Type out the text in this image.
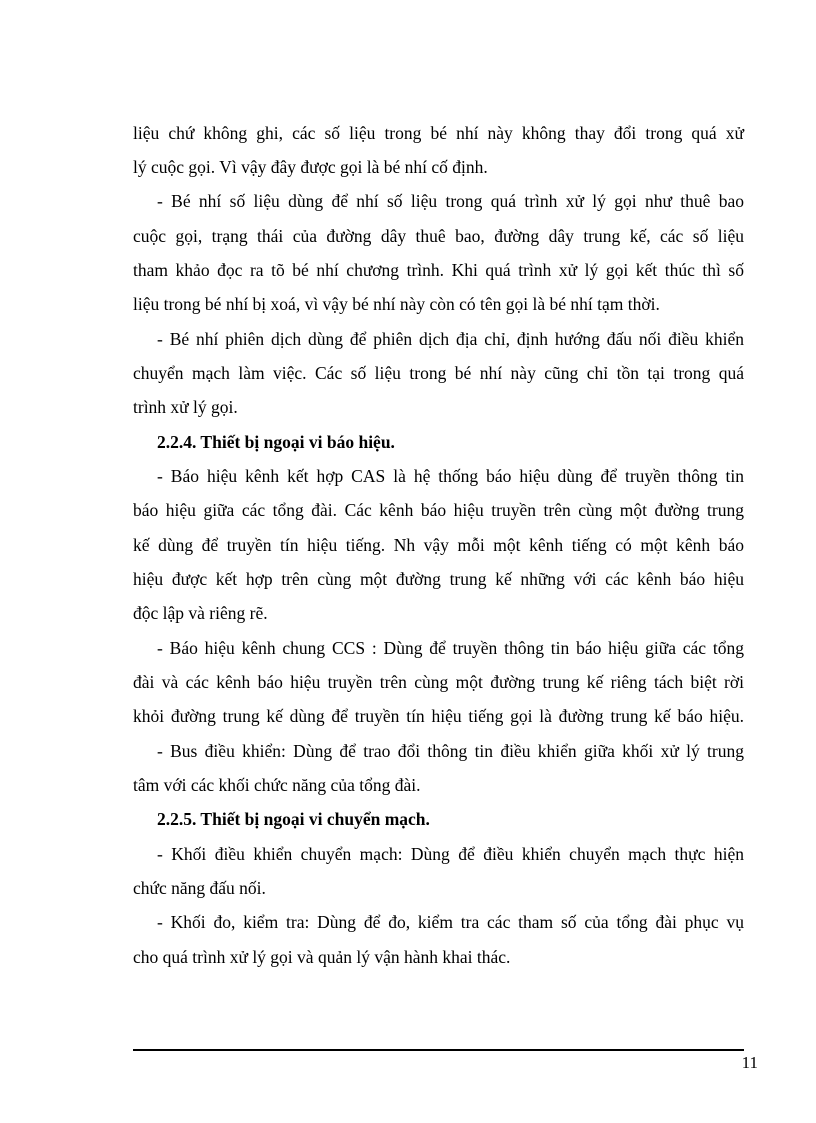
liệu chứ không ghi, các số liệu trong bé nhí này không thay đổi trong quá xử
lý cuộc gọi. Vì vậy đây được gọi là bé nhí cố định.
- Bé nhí số liệu dùng để nhí số liệu trong quá trình xử lý gọi như thuê bao
cuộc gọi, trạng thái của đường dây thuê bao, đường dây trung kế, các số liệu
tham khảo đọc ra tõ bé nhí chương trình. Khi quá trình xử lý gọi kết thúc thì số
liệu trong bé nhí bị xoá, vì vậy bé nhí này còn có tên gọi là bé nhí tạm thời.
- Bé nhí phiên dịch dùng để phiên dịch địa chỉ, định hướng đấu nối điều khiển
chuyển mạch làm việc. Các số liệu trong bé nhí này cũng chỉ tồn tại trong quá
trình xử lý gọi.
2.2.4. Thiết bị ngoại vi báo hiệu.
- Báo hiệu kênh kết hợp CAS là hệ thống báo hiệu dùng để truyền thông tin
báo hiệu giữa các tổng đài. Các kênh báo hiệu truyền trên cùng một đường trung
kế dùng để truyền tín hiệu tiếng. Nh vậy mỗi một kênh tiếng có một kênh báo
hiệu được kết hợp trên cùng một đường trung kế những với các kênh báo hiệu
độc lập và riêng rẽ.
- Báo hiệu kênh chung CCS : Dùng để truyền thông tin báo hiệu giữa các tổng
đài và các kênh báo hiệu truyền trên cùng một đường trung kế riêng tách biệt rời
khỏi đường trung kế dùng để truyền tín hiệu tiếng gọi là đường trung kế báo hiệu.
- Bus điều khiển: Dùng để trao đổi thông tin điều khiển giữa khối xử lý trung
tâm với các khối chức năng của tổng đài.
2.2.5. Thiết bị ngoại vi chuyển mạch.
- Khối điều khiển chuyển mạch: Dùng để điều khiển chuyển mạch thực hiện
chức năng đấu nối.
- Khối đo, kiểm tra: Dùng để đo, kiểm tra các tham số của tổng đài phục vụ
cho quá trình xử lý gọi và quản lý vận hành khai thác.
11
